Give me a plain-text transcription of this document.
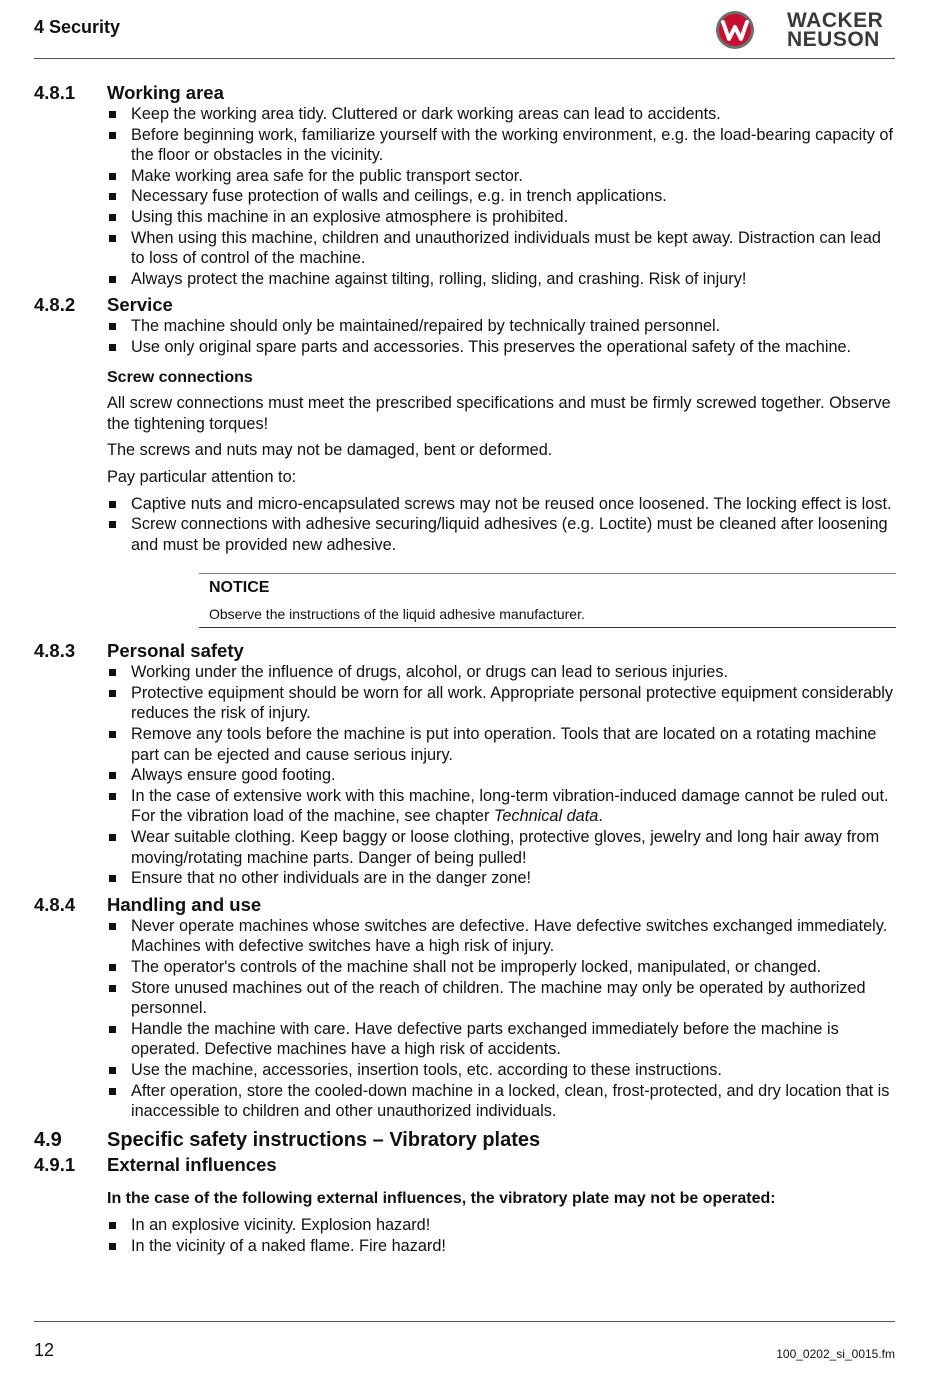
4 Security	WACKER
NEUSON
4.8.1	Working area
Keep the working area tidy. Cluttered or dark working areas can lead to accidents.
Before beginning work, familiarize yourself with the working environment, e.g. the load-bearing capacity of the floor or obstacles in the vicinity.
Make working area safe for the public transport sector.
Necessary fuse protection of walls and ceilings, e.g. in trench applications.
Using this machine in an explosive atmosphere is prohibited.
When using this machine, children and unauthorized individuals must be kept away. Distraction can lead to loss of control of the machine.
Always protect the machine against tilting, rolling, sliding, and crashing. Risk of injury!
4.8.2	Service
The machine should only be maintained/repaired by technically trained personnel.
Use only original spare parts and accessories. This preserves the operational safety of the machine.
Screw connections
All screw connections must meet the prescribed specifications and must be firmly screwed together. Observe the tightening torques!
The screws and nuts may not be damaged, bent or deformed.
Pay particular attention to:
Captive nuts and micro-encapsulated screws may not be reused once loosened. The locking effect is lost.
Screw connections with adhesive securing/liquid adhesives (e.g. Loctite) must be cleaned after loosening and must be provided new adhesive.
NOTICE
Observe the instructions of the liquid adhesive manufacturer.
4.8.3	Personal safety
Working under the influence of drugs, alcohol, or drugs can lead to serious injuries.
Protective equipment should be worn for all work. Appropriate personal protective equipment considerably reduces the risk of injury.
Remove any tools before the machine is put into operation. Tools that are located on a rotating machine part can be ejected and cause serious injury.
Always ensure good footing.
In the case of extensive work with this machine, long-term vibration-induced damage cannot be ruled out. For the vibration load of the machine, see chapter Technical data.
Wear suitable clothing. Keep baggy or loose clothing, protective gloves, jewelry and long hair away from moving/rotating machine parts. Danger of being pulled!
Ensure that no other individuals are in the danger zone!
4.8.4	Handling and use
Never operate machines whose switches are defective. Have defective switches exchanged immediately. Machines with defective switches have a high risk of injury.
The operator's controls of the machine shall not be improperly locked, manipulated, or changed.
Store unused machines out of the reach of children. The machine may only be operated by authorized personnel.
Handle the machine with care. Have defective parts exchanged immediately before the machine is operated. Defective machines have a high risk of accidents.
Use the machine, accessories, insertion tools, etc. according to these instructions.
After operation, store the cooled-down machine in a locked, clean, frost-protected, and dry location that is inaccessible to children and other unauthorized individuals.
4.9	Specific safety instructions – Vibratory plates
4.9.1	External influences
In the case of the following external influences, the vibratory plate may not be operated:
In an explosive vicinity. Explosion hazard!
In the vicinity of a naked flame. Fire hazard!
12	100_0202_si_0015.fm
